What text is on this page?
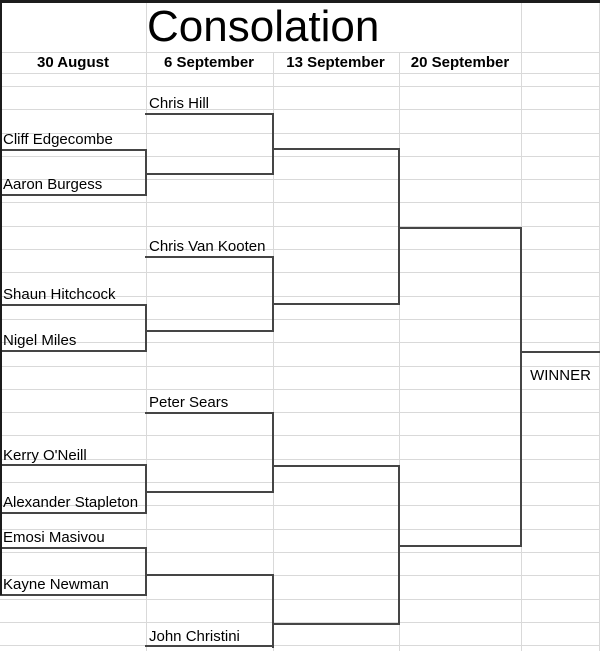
Consolation
30 August	6 September	13 September	20 September
Cliff Edgecombe
Aaron Burgess
Shaun Hitchcock
Nigel Miles
Kerry O'Neill
Alexander Stapleton
Emosi Masivou
Kayne Newman
Chris Hill
Chris Van Kooten
Peter Sears
John Christini
WINNER
